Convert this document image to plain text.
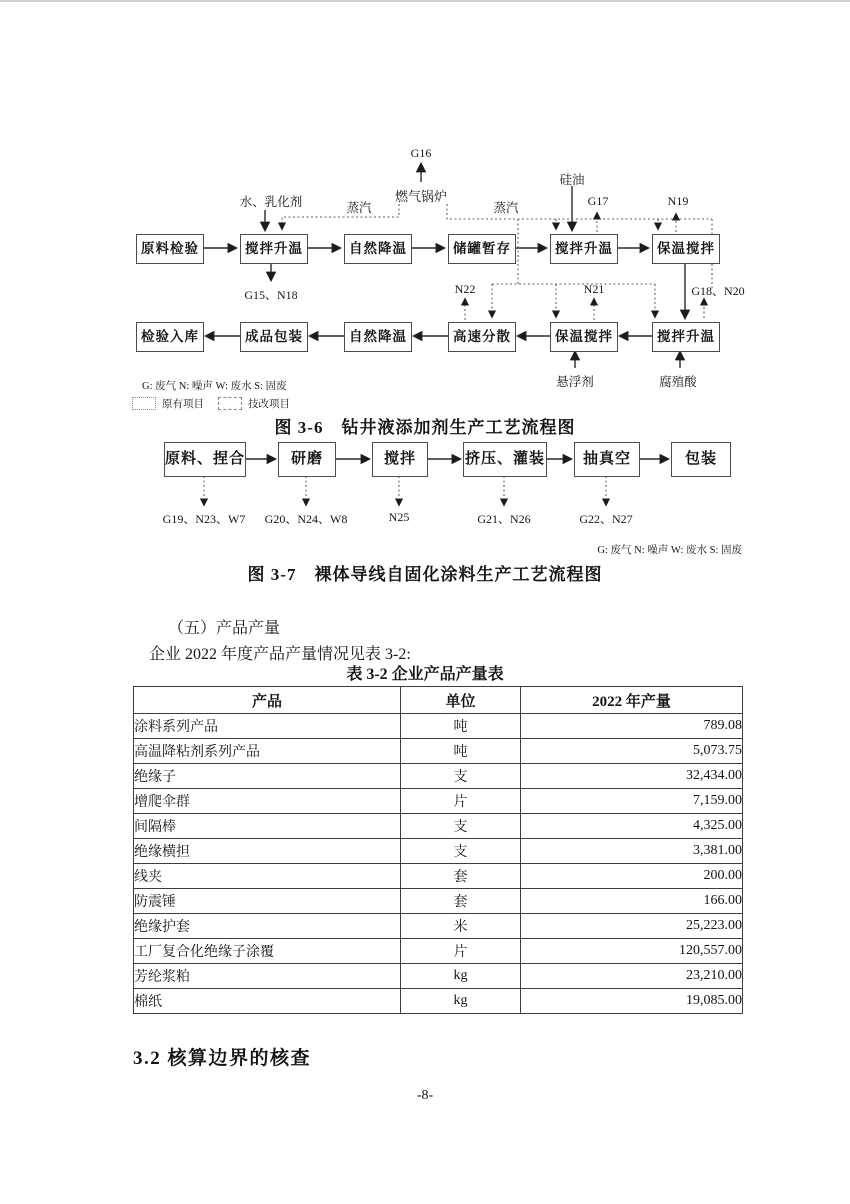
原料检验	搅拌升温	自然降温	储罐暂存	搅拌升温	保温搅拌
检验入库	成品包装	自然降温	高速分散	保温搅拌	搅拌升温
G16
燃气锅炉
水、乳化剂	蒸汽	蒸汽
硅油
G17	N19
G15、N18	N22	N21	G18、N20
悬浮剂	腐殖酸
G: 废气 N: 噪声 W: 废水 S: 固废
原有项目	技改项目
图 3-6　钻井液添加剂生产工艺流程图
原料、捏合	研磨	搅拌	挤压、灌装	抽真空	包装
G19、N23、W7	G20、N24、W8	N25	G21、N26	G22、N27
G: 废气 N: 噪声 W: 废水 S: 固废
图 3-7　裸体导线自固化涂料生产工艺流程图
（五）产品产量
企业 2022 年度产品产量情况见表 3-2:
表 3-2 企业产品产量表
产品	单位	2022 年产量
涂料系列产品	吨	789.08
高温降粘剂系列产品	吨	5,073.75
绝缘子	支	32,434.00
增爬伞群	片	7,159.00
间隔棒	支	4,325.00
绝缘横担	支	3,381.00
线夹	套	200.00
防震锤	套	166.00
绝缘护套	米	25,223.00
工厂复合化绝缘子涂覆	片	120,557.00
芳纶浆粕	kg	23,210.00
棉纸	kg	19,085.00
3.2 核算边界的核查
-8-
